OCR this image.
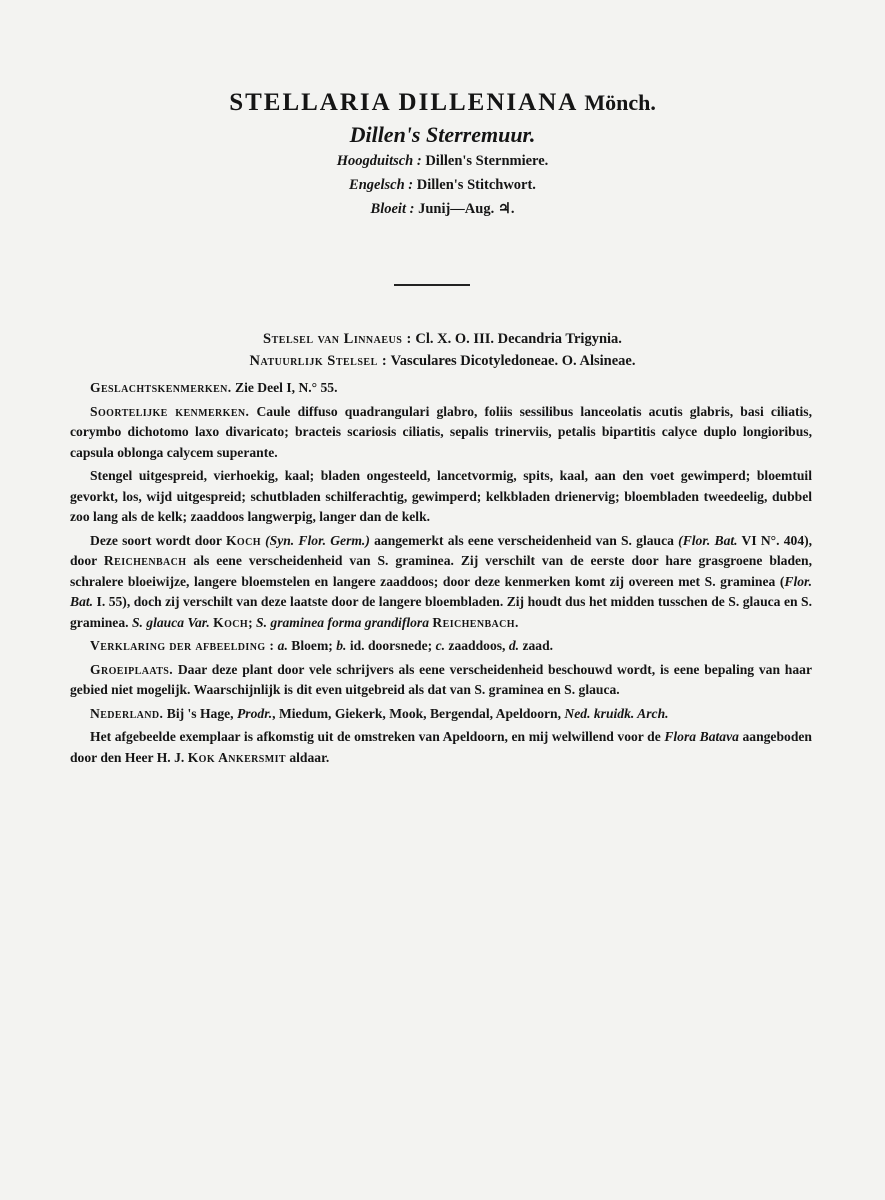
STELLARIA DILLENIANA Mönch.
Dillen's Sterremuur.
Hoogduitsch : Dillen's Sternmiere.
Engelsch : Dillen's Stitchwort.
Bloeit : Junij—Aug. ♃.
Stelsel van Linnaeus : Cl. X. O. III. Decandria Trigynia.
Natuurlijk Stelsel : Vasculares Dicotyledoneae. O. Alsineae.

Geslachtskenmerken. Zie Deel I, N.° 55.

Soortelijke kenmerken. Caule diffuso quadrangulari glabro, foliis sessilibus lanceolatis acutis glabris, basi ciliatis, corymbo dichotomo laxo divaricato; bracteis scariosis ciliatis, sepalis trinerviis, petalis bipartitis calyce duplo longioribus, capsula oblonga calycem superante.

Stengel uitgespreid, vierhoekig, kaal; bladen ongesteeld, lancetvormig, spits, kaal, aan den voet gewimperd; bloemtuil gevorkt, los, wijd uitgespreid; schutbladen schilferachtig, gewimperd; kelkbladen drienervig; bloembladen tweedeelig, dubbel zoo lang als de kelk; zaaddoos langwerpig, langer dan de kelk.

Deze soort wordt door Koch (Syn. Flor. Germ.) aangemerkt als eene verscheidenheid van S. glauca (Flor. Bat. VI N°. 404), door Reichenbach als eene verscheidenheid van S. graminea. Zij verschilt van de eerste door hare grasgroene bladen, schralere bloeiwijze, langere bloemstelen en langere zaaddoos; door deze kenmerken komt zij overeen met S. graminea (Flor. Bat. I. 55), doch zij verschilt van deze laatste door de langere bloembladen. Zij houdt dus het midden tusschen de S. glauca en S. graminea. S. glauca Var. Koch; S. graminea forma grandiflora Reichenbach.

Verklaring der afbeelding : a. Bloem; b. id. doorsnede; c. zaaddoos, d. zaad.

Groeiplaats. Daar deze plant door vele schrijvers als eene verscheidenheid beschouwd wordt, is eene bepaling van haar gebied niet mogelijk. Waarschijnlijk is dit even uitgebreid als dat van S. graminea en S. glauca.

Nederland. Bij 's Hage, Prodr., Miedum, Giekerk, Mook, Bergendal, Apeldoorn, Ned. kruidk. Arch.

Het afgebeelde exemplaar is afkomstig uit de omstreken van Apeldoorn, en mij welwillend voor de Flora Batava aangeboden door den Heer H. J. Kok Ankersmit aldaar.
